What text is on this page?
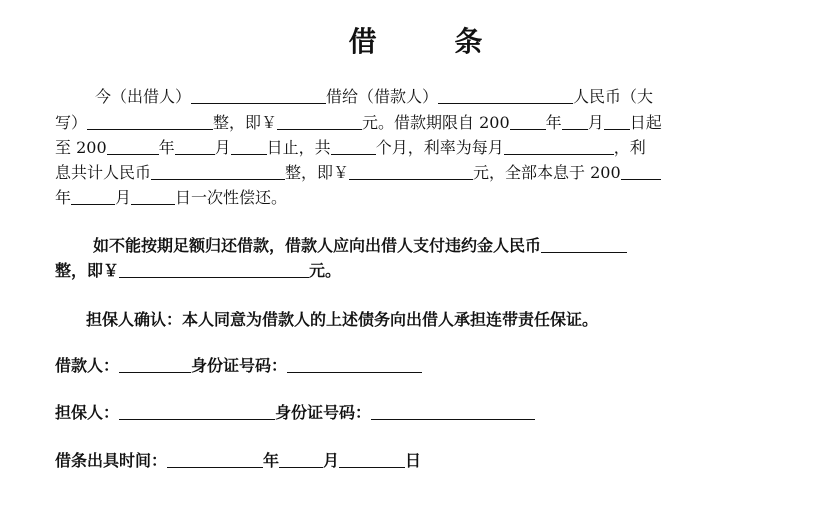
借 条
今（出借人）	借给（借款人）	人民币（大
写）	整，即￥	元。借款期限自 200 年 月 日起
至 200	年	月 日止，共	个月，利率为每月	，利
息共计人民币	整，即￥	元，全部本息于 200
年	月	日一次性偿还。
如不能按期足额归还借款，借款人应向出借人支付违约金人民币
整，即￥	元。
担保人确认：本人同意为借款人的上述债务向出借人承担连带责任保证。
借款人：	身份证号码：
担保人：	身份证号码：
借条出具时间：	年	月	日
